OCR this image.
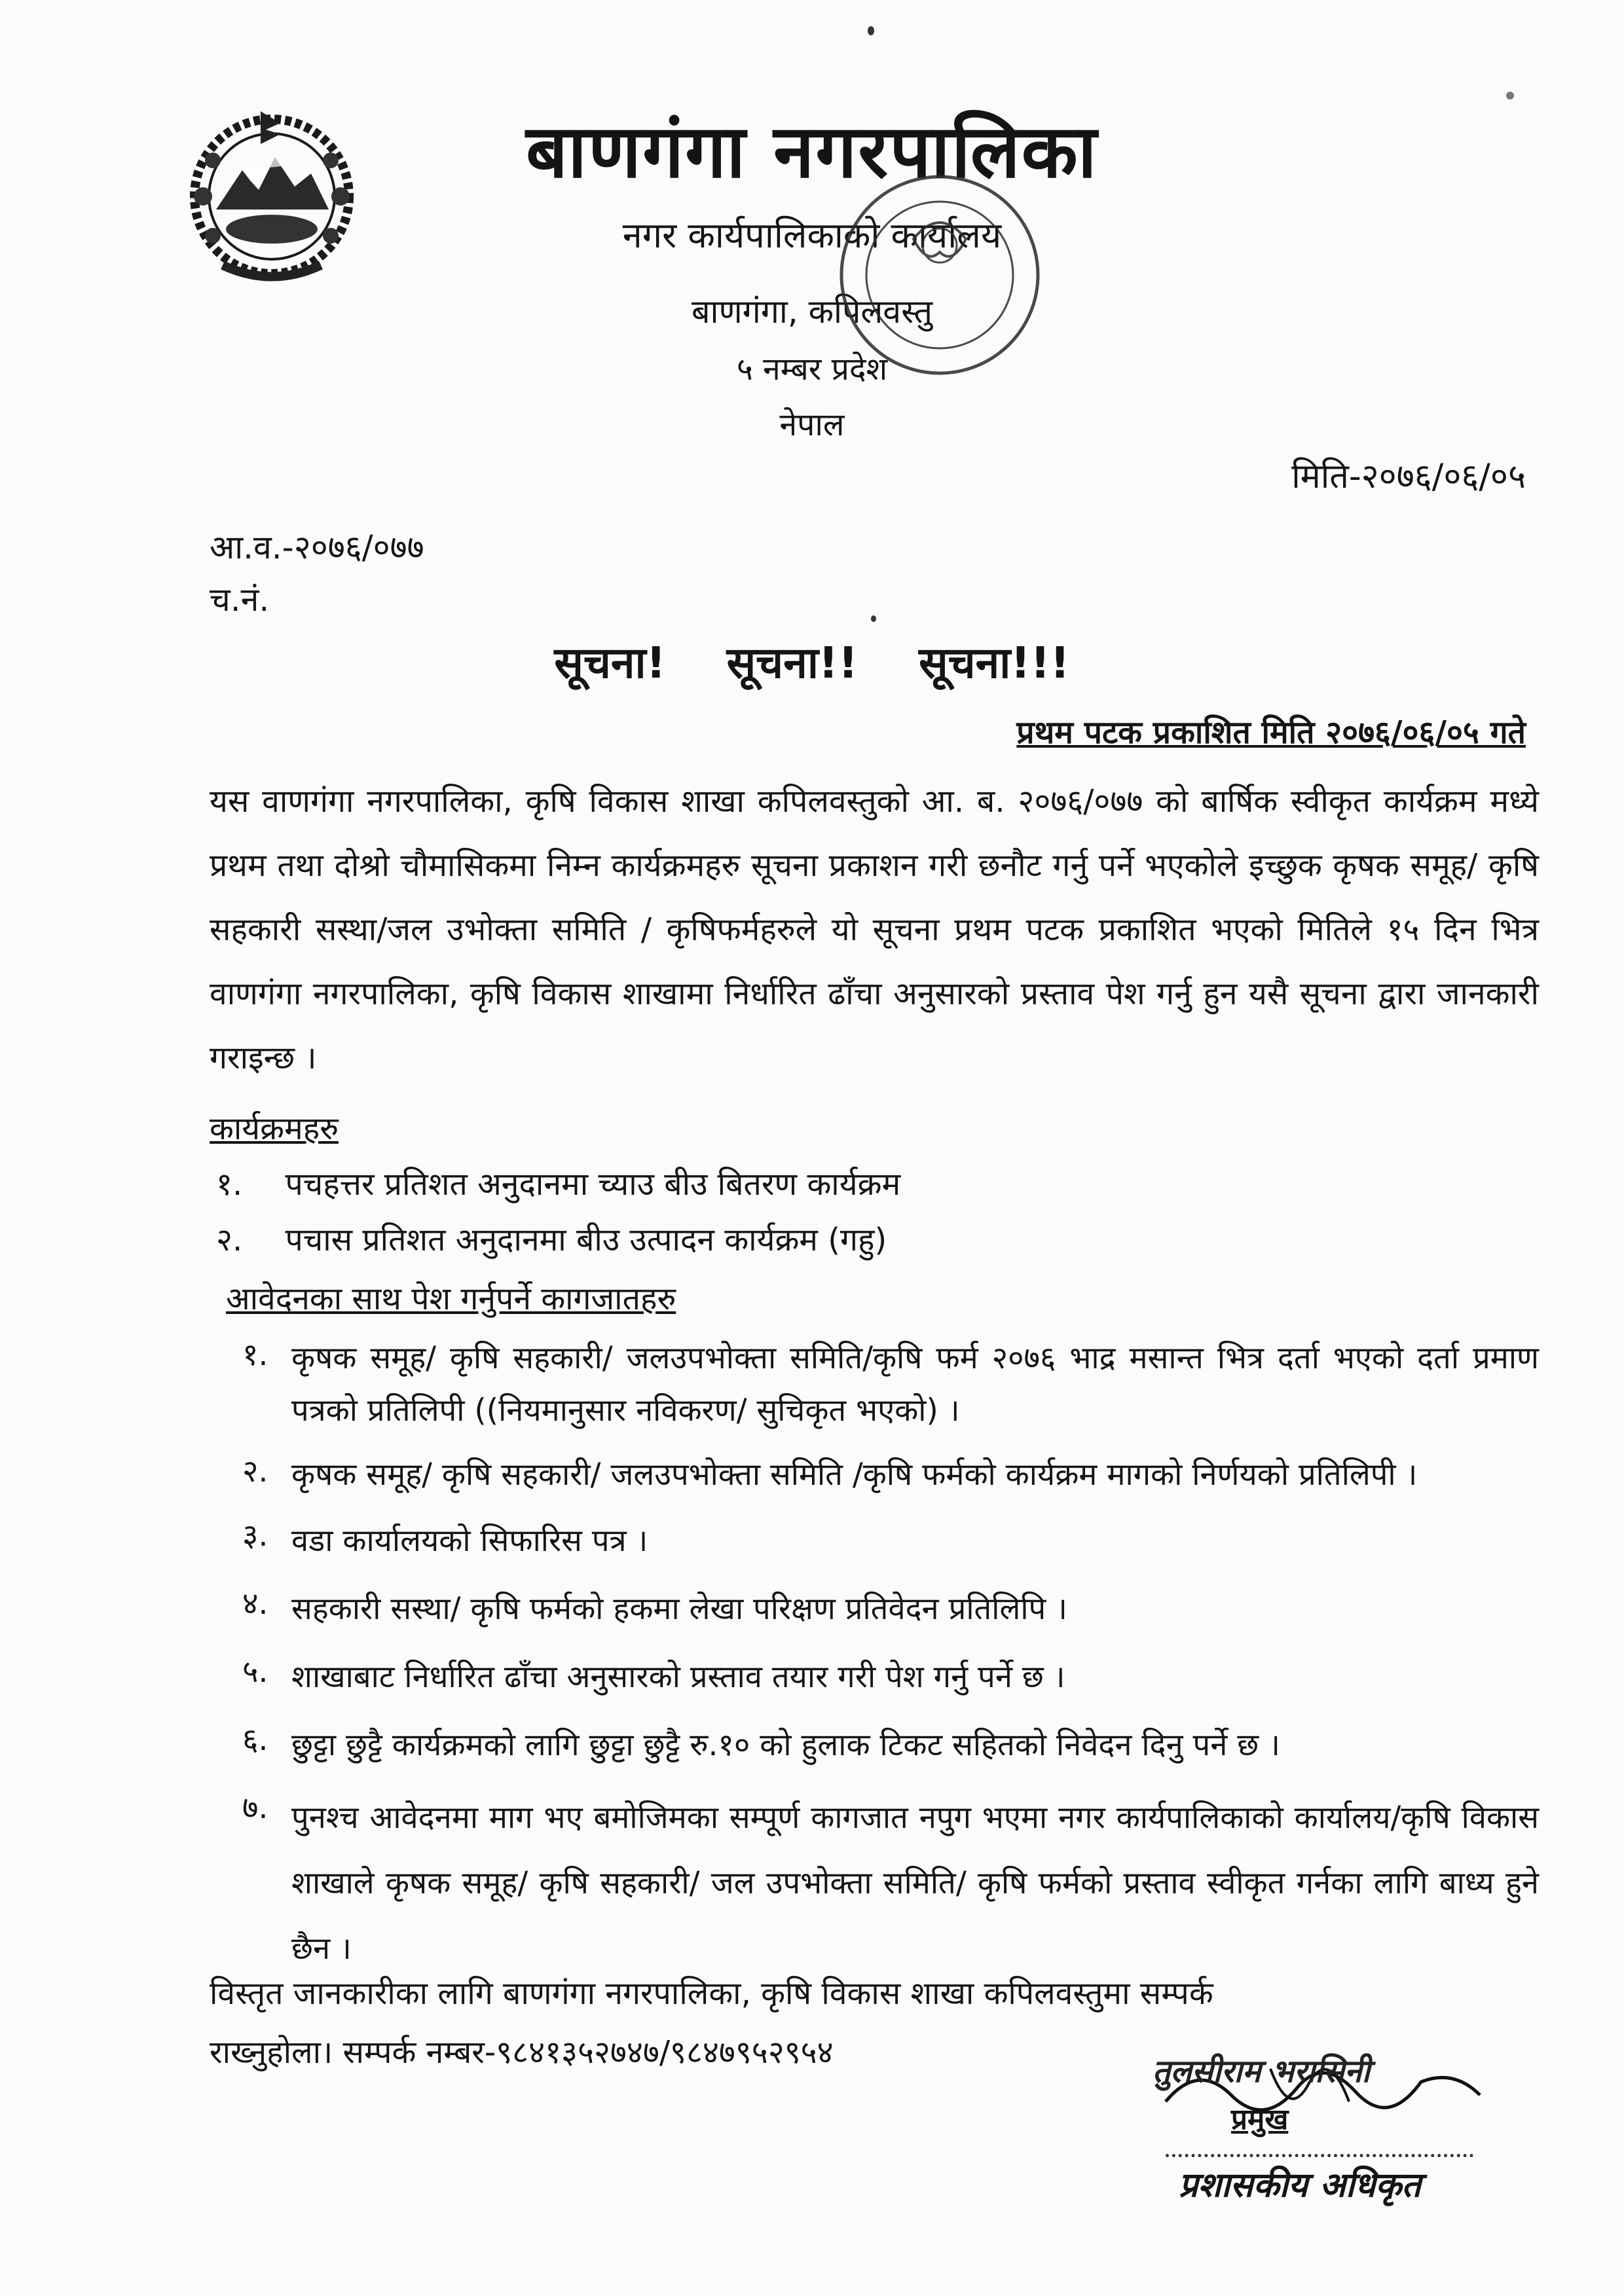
बाणगंगा नगरपालिका
नगर कार्यपालिकाको कार्यालय
बाणगंगा, कपिलवस्तु
५ नम्बर प्रदेश
नेपाल
मिति-२०७६/०६/०५
आ.व.-२०७६/०७७
च.नं.
सूचना! सूचना!! सूचना!!!
प्रथम पटक प्रकाशित मिति २०७६/०६/०५ गते
यस वाणगंगा नगरपालिका, कृषि विकास शाखा कपिलवस्तुको आ. ब. २०७६/०७७ को बार्षिक स्वीकृत कार्यक्रम मध्ये प्रथम तथा दोश्रो चौमासिकमा निम्न कार्यक्रमहरु सूचना प्रकाशन गरी छनौट गर्नु पर्ने भएकोले इच्छुक कृषक समूह/ कृषि सहकारी सस्था/जल उभोक्ता समिति / कृषिफर्महरुले यो सूचना प्रथम पटक प्रकाशित भएको मितिले १५ दिन भित्र वाणगंगा नगरपालिका, कृषि विकास शाखामा निर्धारित ढाँचा अनुसारको प्रस्ताव पेश गर्नु हुन यसै सूचना द्वारा जानकारी गराइन्छ ।
कार्यक्रमहरु
१. पचहत्तर प्रतिशत अनुदानमा च्याउ बीउ बितरण कार्यक्रम
२. पचास प्रतिशत अनुदानमा बीउ उत्पादन कार्यक्रम (गहु)
आवेदनका साथ पेश गर्नुपर्ने कागजातहरु
१. कृषक समूह/ कृषि सहकारी/ जलउपभोक्ता समिति/कृषि फर्म २०७६ भाद्र मसान्त भित्र दर्ता भएको दर्ता प्रमाण पत्रको प्रतिलिपी ((नियमानुसार नविकरण/ सुचिकृत भएको) ।
२. कृषक समूह/ कृषि सहकारी/ जलउपभोक्ता समिति /कृषि फर्मको कार्यक्रम मागको निर्णयको प्रतिलिपी ।
३. वडा कार्यालयको सिफारिस पत्र ।
४. सहकारी सस्था/ कृषि फर्मको हकमा लेखा परिक्षण प्रतिवेदन प्रतिलिपि ।
५. शाखाबाट निर्धारित ढाँचा अनुसारको प्रस्ताव तयार गरी पेश गर्नु पर्ने छ ।
६. छुट्टा छुट्टै कार्यक्रमको लागि छुट्टा छुट्टै रु.१० को हुलाक टिकट सहितको निवेदन दिनु पर्ने छ ।
७. पुनश्च आवेदनमा माग भए बमोजिमका सम्पूर्ण कागजात नपुग भएमा नगर कार्यपालिकाको कार्यालय/कृषि विकास शाखाले कृषक समूह/ कृषि सहकारी/ जल उपभोक्ता समिति/ कृषि फर्मको प्रस्ताव स्वीकृत गर्नका लागि बाध्य हुने छैन ।
विस्तृत जानकारीका लागि बाणगंगा नगरपालिका, कृषि विकास शाखा कपिलवस्तुमा सम्पर्क
राख्नुहोला। सम्पर्क नम्बर-९८४१३५२७४७/९८४७९५२९५४
तुलसीराम भरासिनी
प्रमुख
प्रशासकीय अधिकृत
